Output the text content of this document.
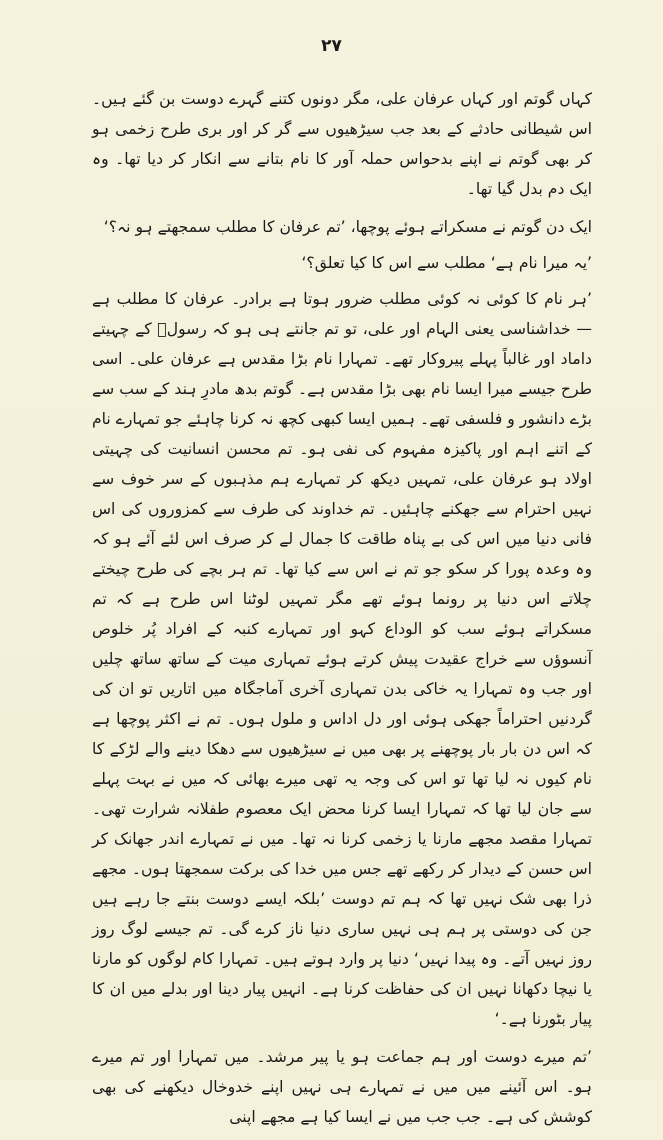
۲۷

کہاں گوتم اور کہاں عرفان علی، مگر دونوں کتنے گہرے دوست بن گئے ہیں۔ اس شیطانی حادثے کے بعد جب سیڑھیوں سے گر کر اور بری طرح زخمی ہو کر بھی گوتم نے اپنے بدحواس حملہ آور کا نام بتانے سے انکار کر دیا تھا۔ وہ ایک دم بدل گیا تھا۔

ایک دن گوتم نے مسکراتے ہوئے پوچھا، ’تم عرفان کا مطلب سمجھتے ہو نہ؟‘

’یہ میرا نام ہے‘ مطلب سے اس کا کیا تعلق؟‘

’ہر نام کا کوئی نہ کوئی مطلب ضرور ہوتا ہے برادر۔ عرفان کا مطلب ہے — خداشناسی یعنی الہام اور علی، تو تم جانتے ہی ہو کہ رسولؐ کے چہیتے داماد اور غالباً پہلے پیروکار تھے۔ تمہارا نام بڑا مقدس ہے عرفان علی۔ اسی طرح جیسے میرا ایسا نام بھی بڑا مقدس ہے۔ گوتم بدھ مادرِ ہند کے سب سے بڑے دانشور و فلسفی تھے۔ ہمیں ایسا کبھی کچھ نہ کرنا چاہئے جو تمہارے نام کے اتنے اہم اور پاکیزہ مفہوم کی نفی ہو۔ تم محسن انسانیت کی چہیتی اولاد ہو عرفان علی، تمہیں دیکھ کر تمہارے ہم مذہبوں کے سر خوف سے نہیں احترام سے جھکنے چاہئیں۔ تم خداوند کی طرف سے کمزوروں کی اس فانی دنیا میں اس کی بے پناہ طاقت کا جمال لے کر صرف اس لئے آئے ہو کہ وہ وعدہ پورا کر سکو جو تم نے اس سے کیا تھا۔ تم ہر بچے کی طرح چیختے چلاتے اس دنیا پر رونما ہوئے تھے مگر تمہیں لوٹنا اس طرح ہے کہ تم مسکراتے ہوئے سب کو الوداع کہو اور تمہارے کنبہ کے افراد پُر خلوص آنسوؤں سے خراج عقیدت پیش کرتے ہوئے تمہاری میت کے ساتھ ساتھ چلیں اور جب وہ تمہارا یہ خاکی بدن تمہاری آخری آماجگاہ میں اتاریں تو ان کی گردنیں احتراماً جھکی ہوئی اور دل اداس و ملول ہوں۔ تم نے اکثر پوچھا ہے کہ اس دن بار بار پوچھنے پر بھی میں نے سیڑھیوں سے دھکا دینے والے لڑکے کا نام کیوں نہ لیا تھا تو اس کی وجہ یہ تھی میرے بھائی کہ میں نے بہت پہلے سے جان لیا تھا کہ تمہارا ایسا کرنا محض ایک معصوم طفلانہ شرارت تھی۔ تمہارا مقصد مجھے مارنا یا زخمی کرنا نہ تھا۔ میں نے تمہارے اندر جھانک کر اس حسن کے دیدار کر رکھے تھے جس میں خدا کی برکت سمجھتا ہوں۔ مجھے ذرا بھی شک نہیں تھا کہ ہم تم دوست ’بلکہ ایسے دوست بنتے جا رہے ہیں جن کی دوستی پر ہم ہی نہیں ساری دنیا ناز کرے گی۔ تم جیسے لوگ روز روز نہیں آتے۔ وہ پیدا نہیں‘ دنیا پر وارد ہوتے ہیں۔ تمہارا کام لوگوں کو مارنا یا نیچا دکھانا نہیں ان کی حفاظت کرنا ہے۔ انہیں پیار دینا اور بدلے میں ان کا پیار بٹورنا ہے۔‘

’تم میرے دوست اور ہم جماعت ہو یا پیر مرشد۔ میں تمہارا اور تم میرے ہو۔ اس آئینے میں میں نے تمہارے ہی نہیں اپنے خدوخال دیکھنے کی بھی کوشش کی ہے۔ جب جب میں نے ایسا کیا ہے مجھے اپنی
